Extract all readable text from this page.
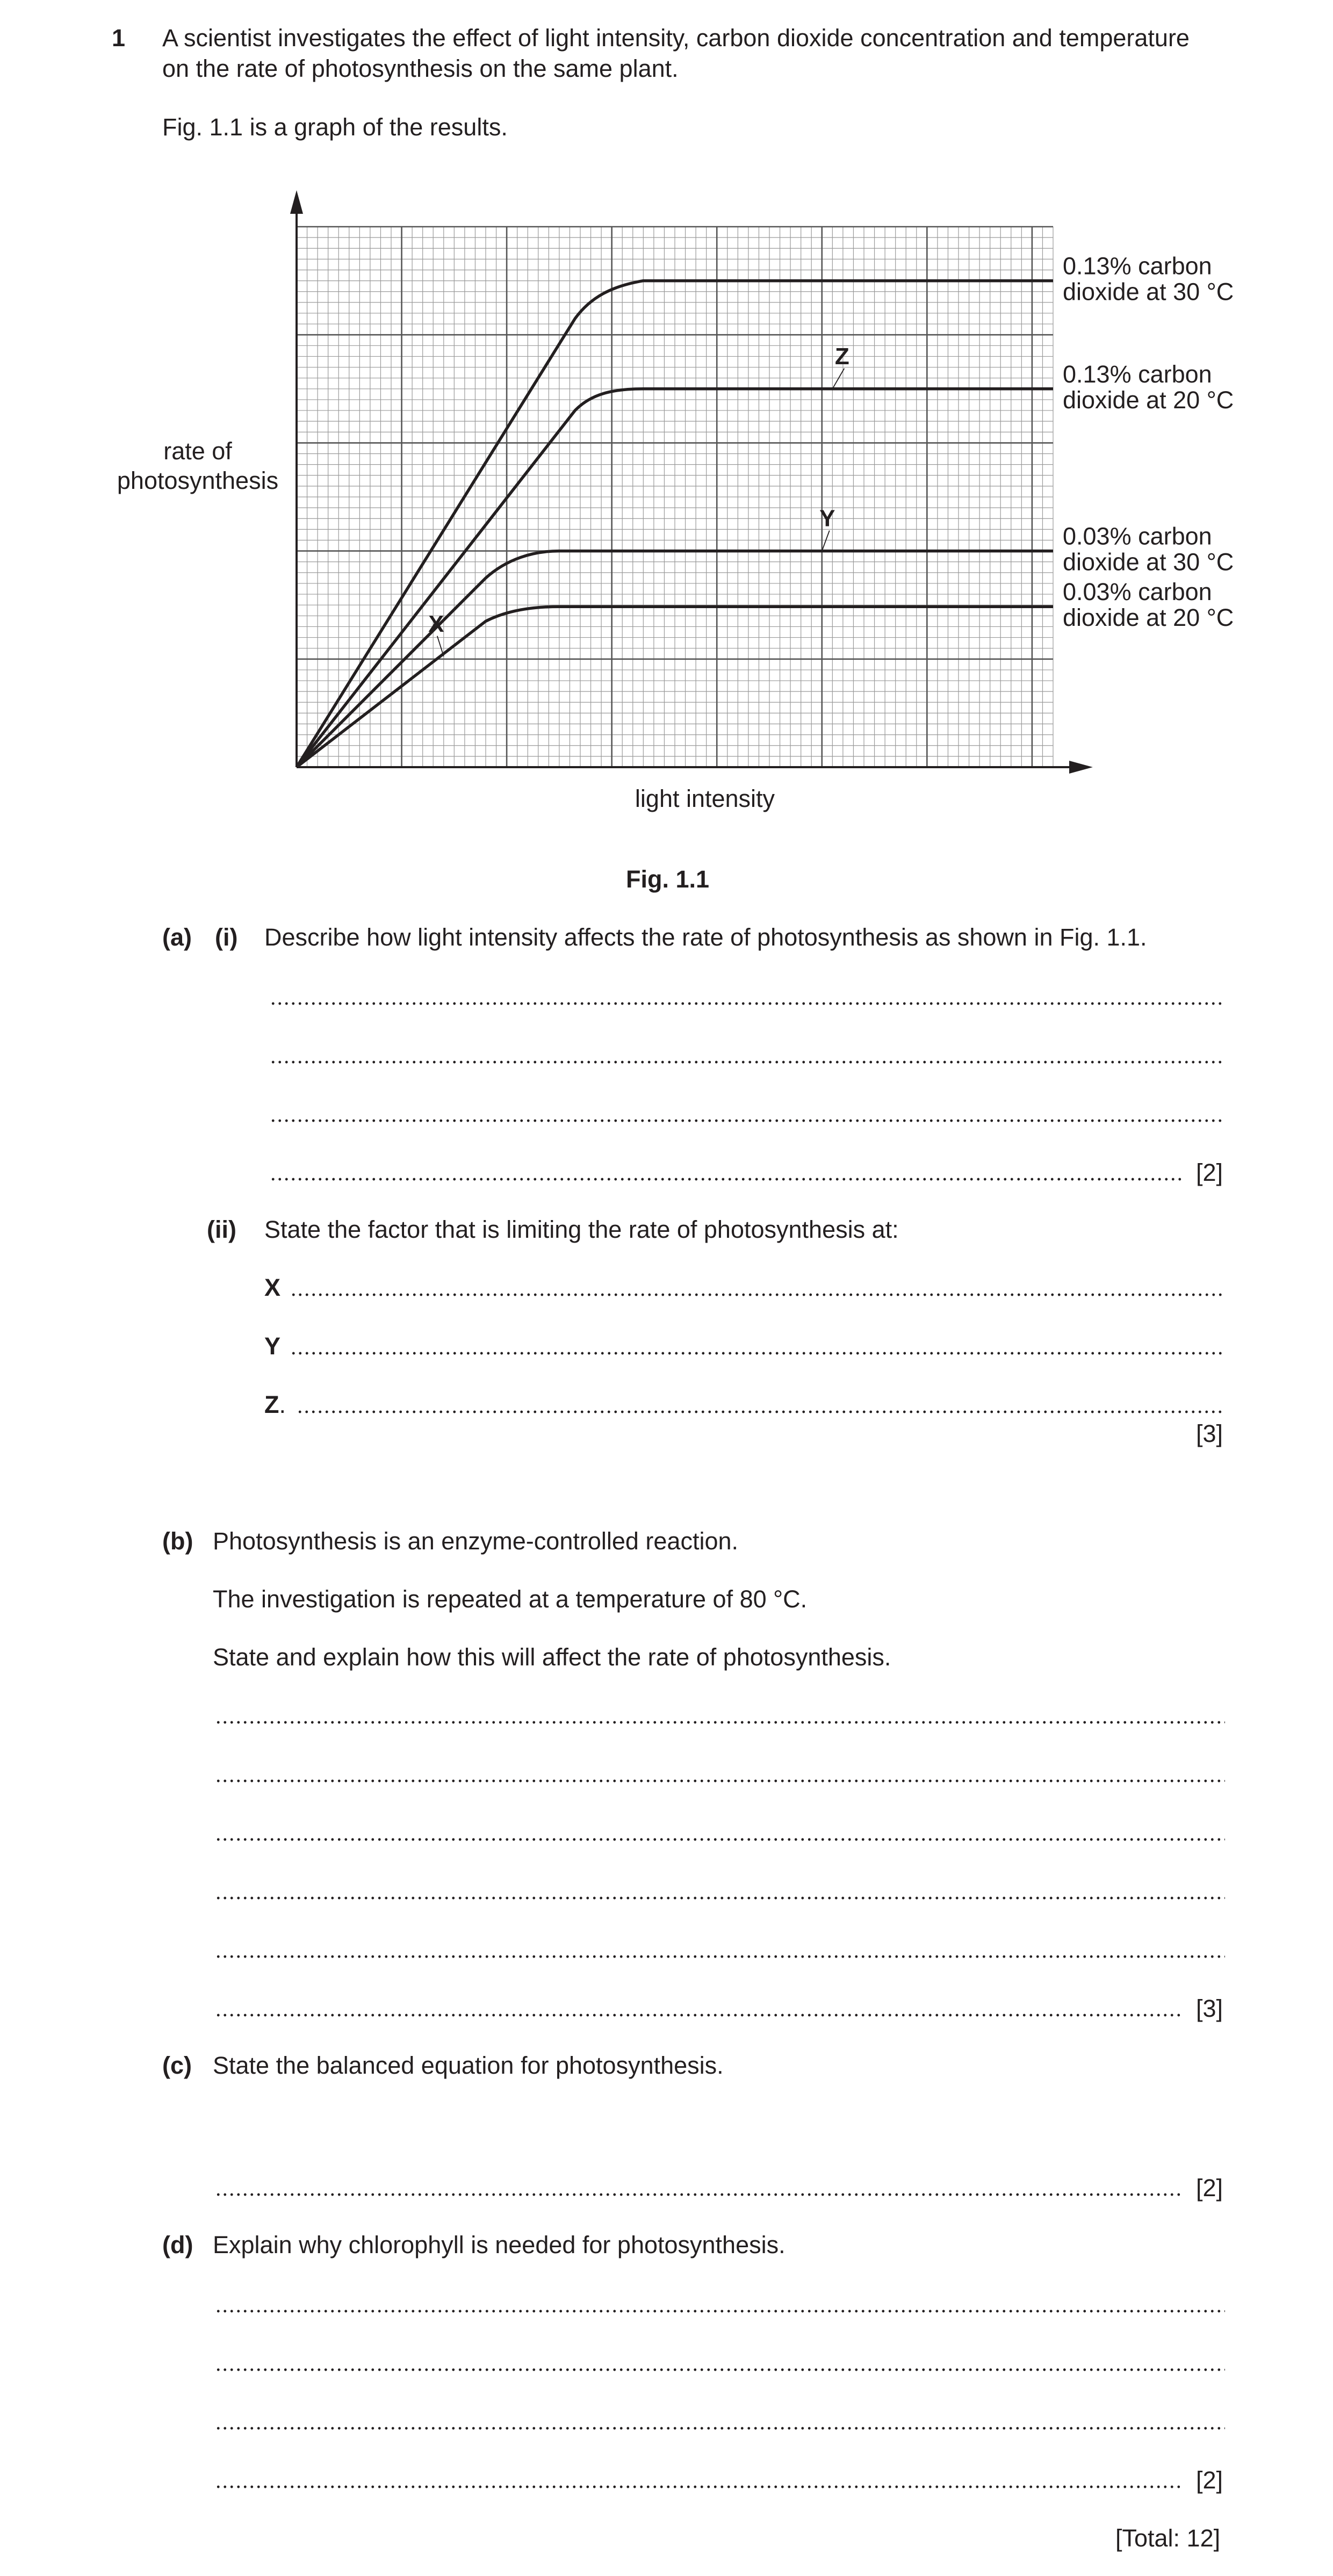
1 A scientist investigates the effect of light intensity, carbon dioxide concentration and temperature
on the rate of photosynthesis on the same plant.
Fig. 1.1 is a graph of the results.
0.13% carbon
dioxide at 30 °C
0.13% carbon
dioxide at 20 °C
0.03% carbon
dioxide at 30 °C
0.03% carbon
dioxide at 20 °C
X
Y
Z
rate of
photosynthesis
light intensity
Fig. 1.1
(a) (i) Describe how light intensity affects the rate of photosynthesis as shown in Fig. 1.1.
[2]
(ii) State the factor that is limiting the rate of photosynthesis at:
X
Y
Z.
[3]
(b) Photosynthesis is an enzyme-controlled reaction.
The investigation is repeated at a temperature of 80 °C.
State and explain how this will affect the rate of photosynthesis.
[3]
(c) State the balanced equation for photosynthesis.
[2]
(d) Explain why chlorophyll is needed for photosynthesis.
[2]
[Total: 12]
